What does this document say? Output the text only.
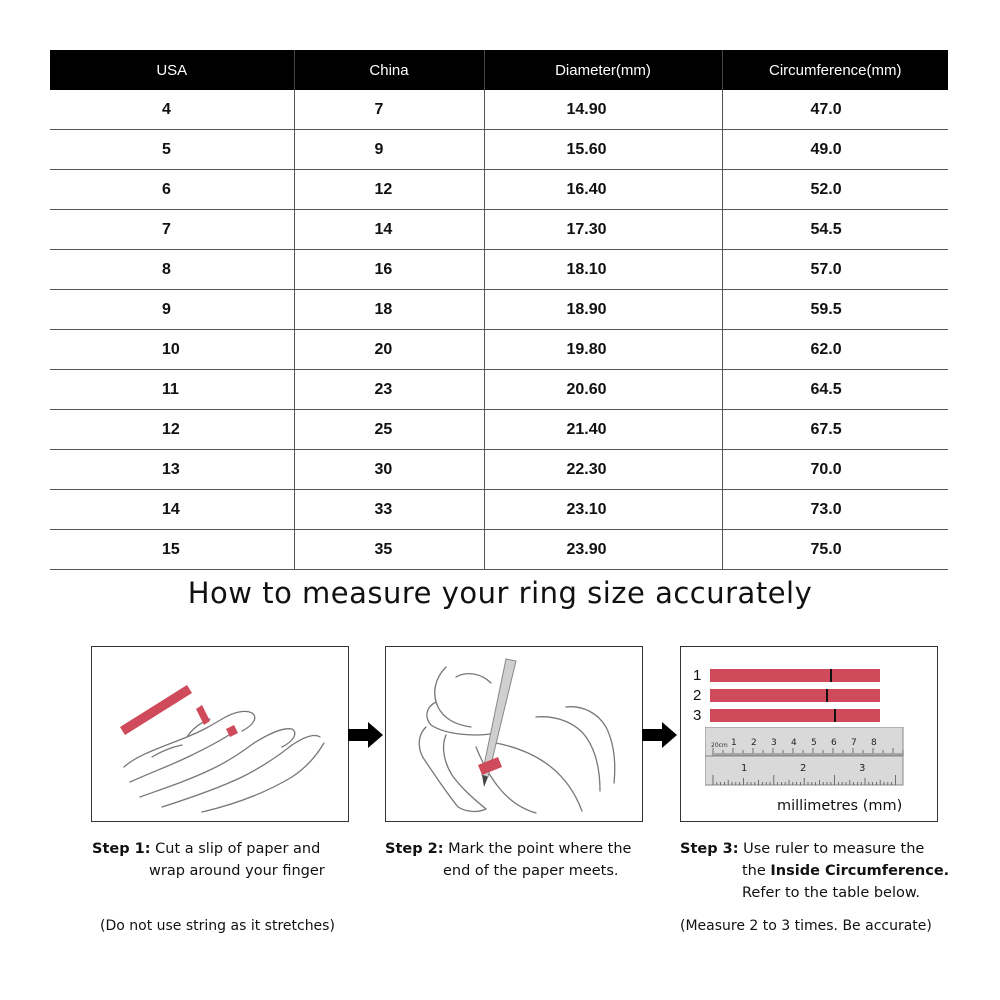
USA	China	Diameter(mm)	Circumference(mm)
4	7	14.90	47.0
5	9	15.60	49.0
6	12	16.40	52.0
7	14	17.30	54.5
8	16	18.10	57.0
9	18	18.90	59.5
10	20	19.80	62.0
11	23	20.60	64.5
12	25	21.40	67.5
13	30	22.30	70.0
14	33	23.10	73.0
15	35	23.90	75.0
How to measure your ring size accurately
1
2
3
20cm 1 2 3 4 5 6 7 8
1	2	3
millimetres (mm)
Step 1: Cut a slip of paper and
wrap around your finger
Step 2: Mark the point where the
end of the paper meets.
Step 3: Use ruler to measure the
the Inside Circumference.
Refer to the table below.
(Do not use string as it stretches)	(Measure 2 to 3 times. Be accurate)
